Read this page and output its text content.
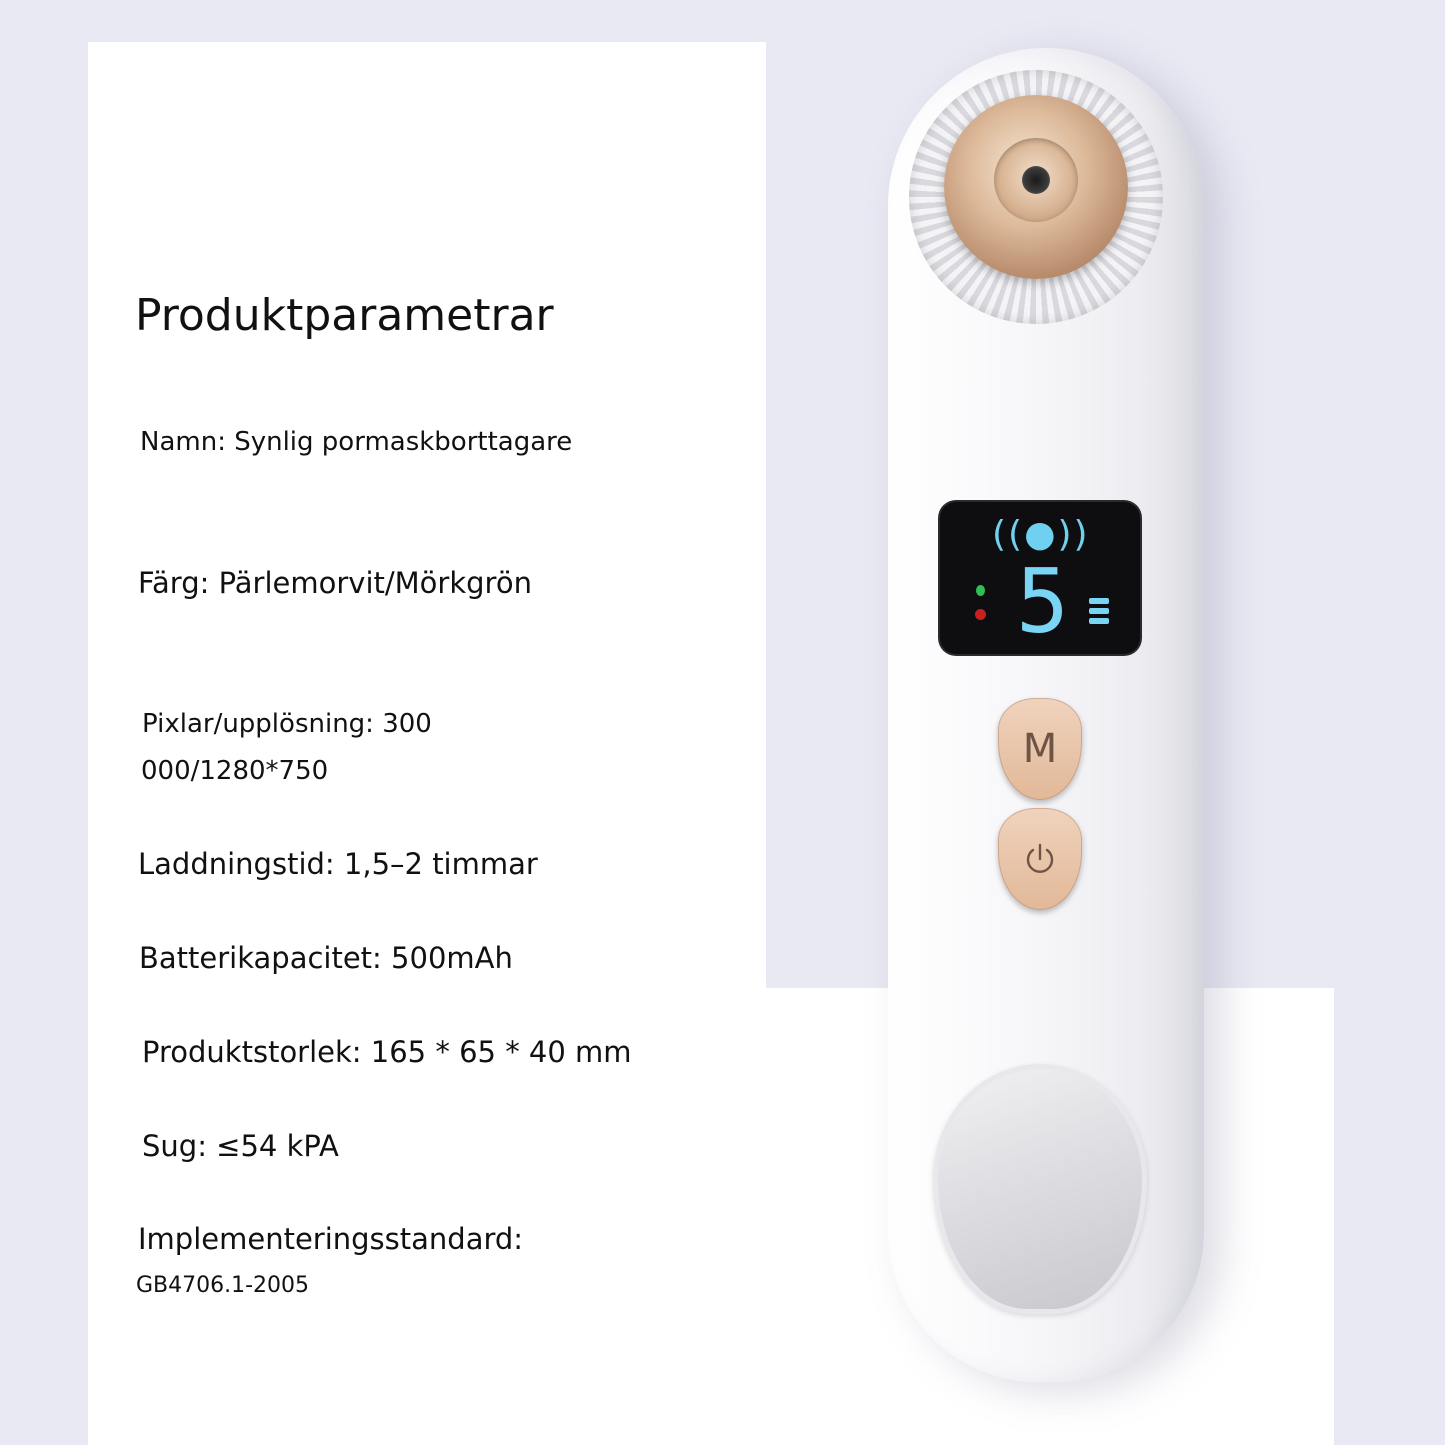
Produktparametrar
Namn: Synlig pormaskborttagare
Färg: Pärlemorvit/Mörkgrön
Pixlar/upplösning: 300
000/1280*750
Laddningstid: 1,5–2 timmar
Batterikapacitet: 500mAh
Produktstorlek: 165 * 65 * 40 mm
Sug: ≤54 kPA
Implementeringsstandard:
GB4706.1-2005
((●))
5
M
